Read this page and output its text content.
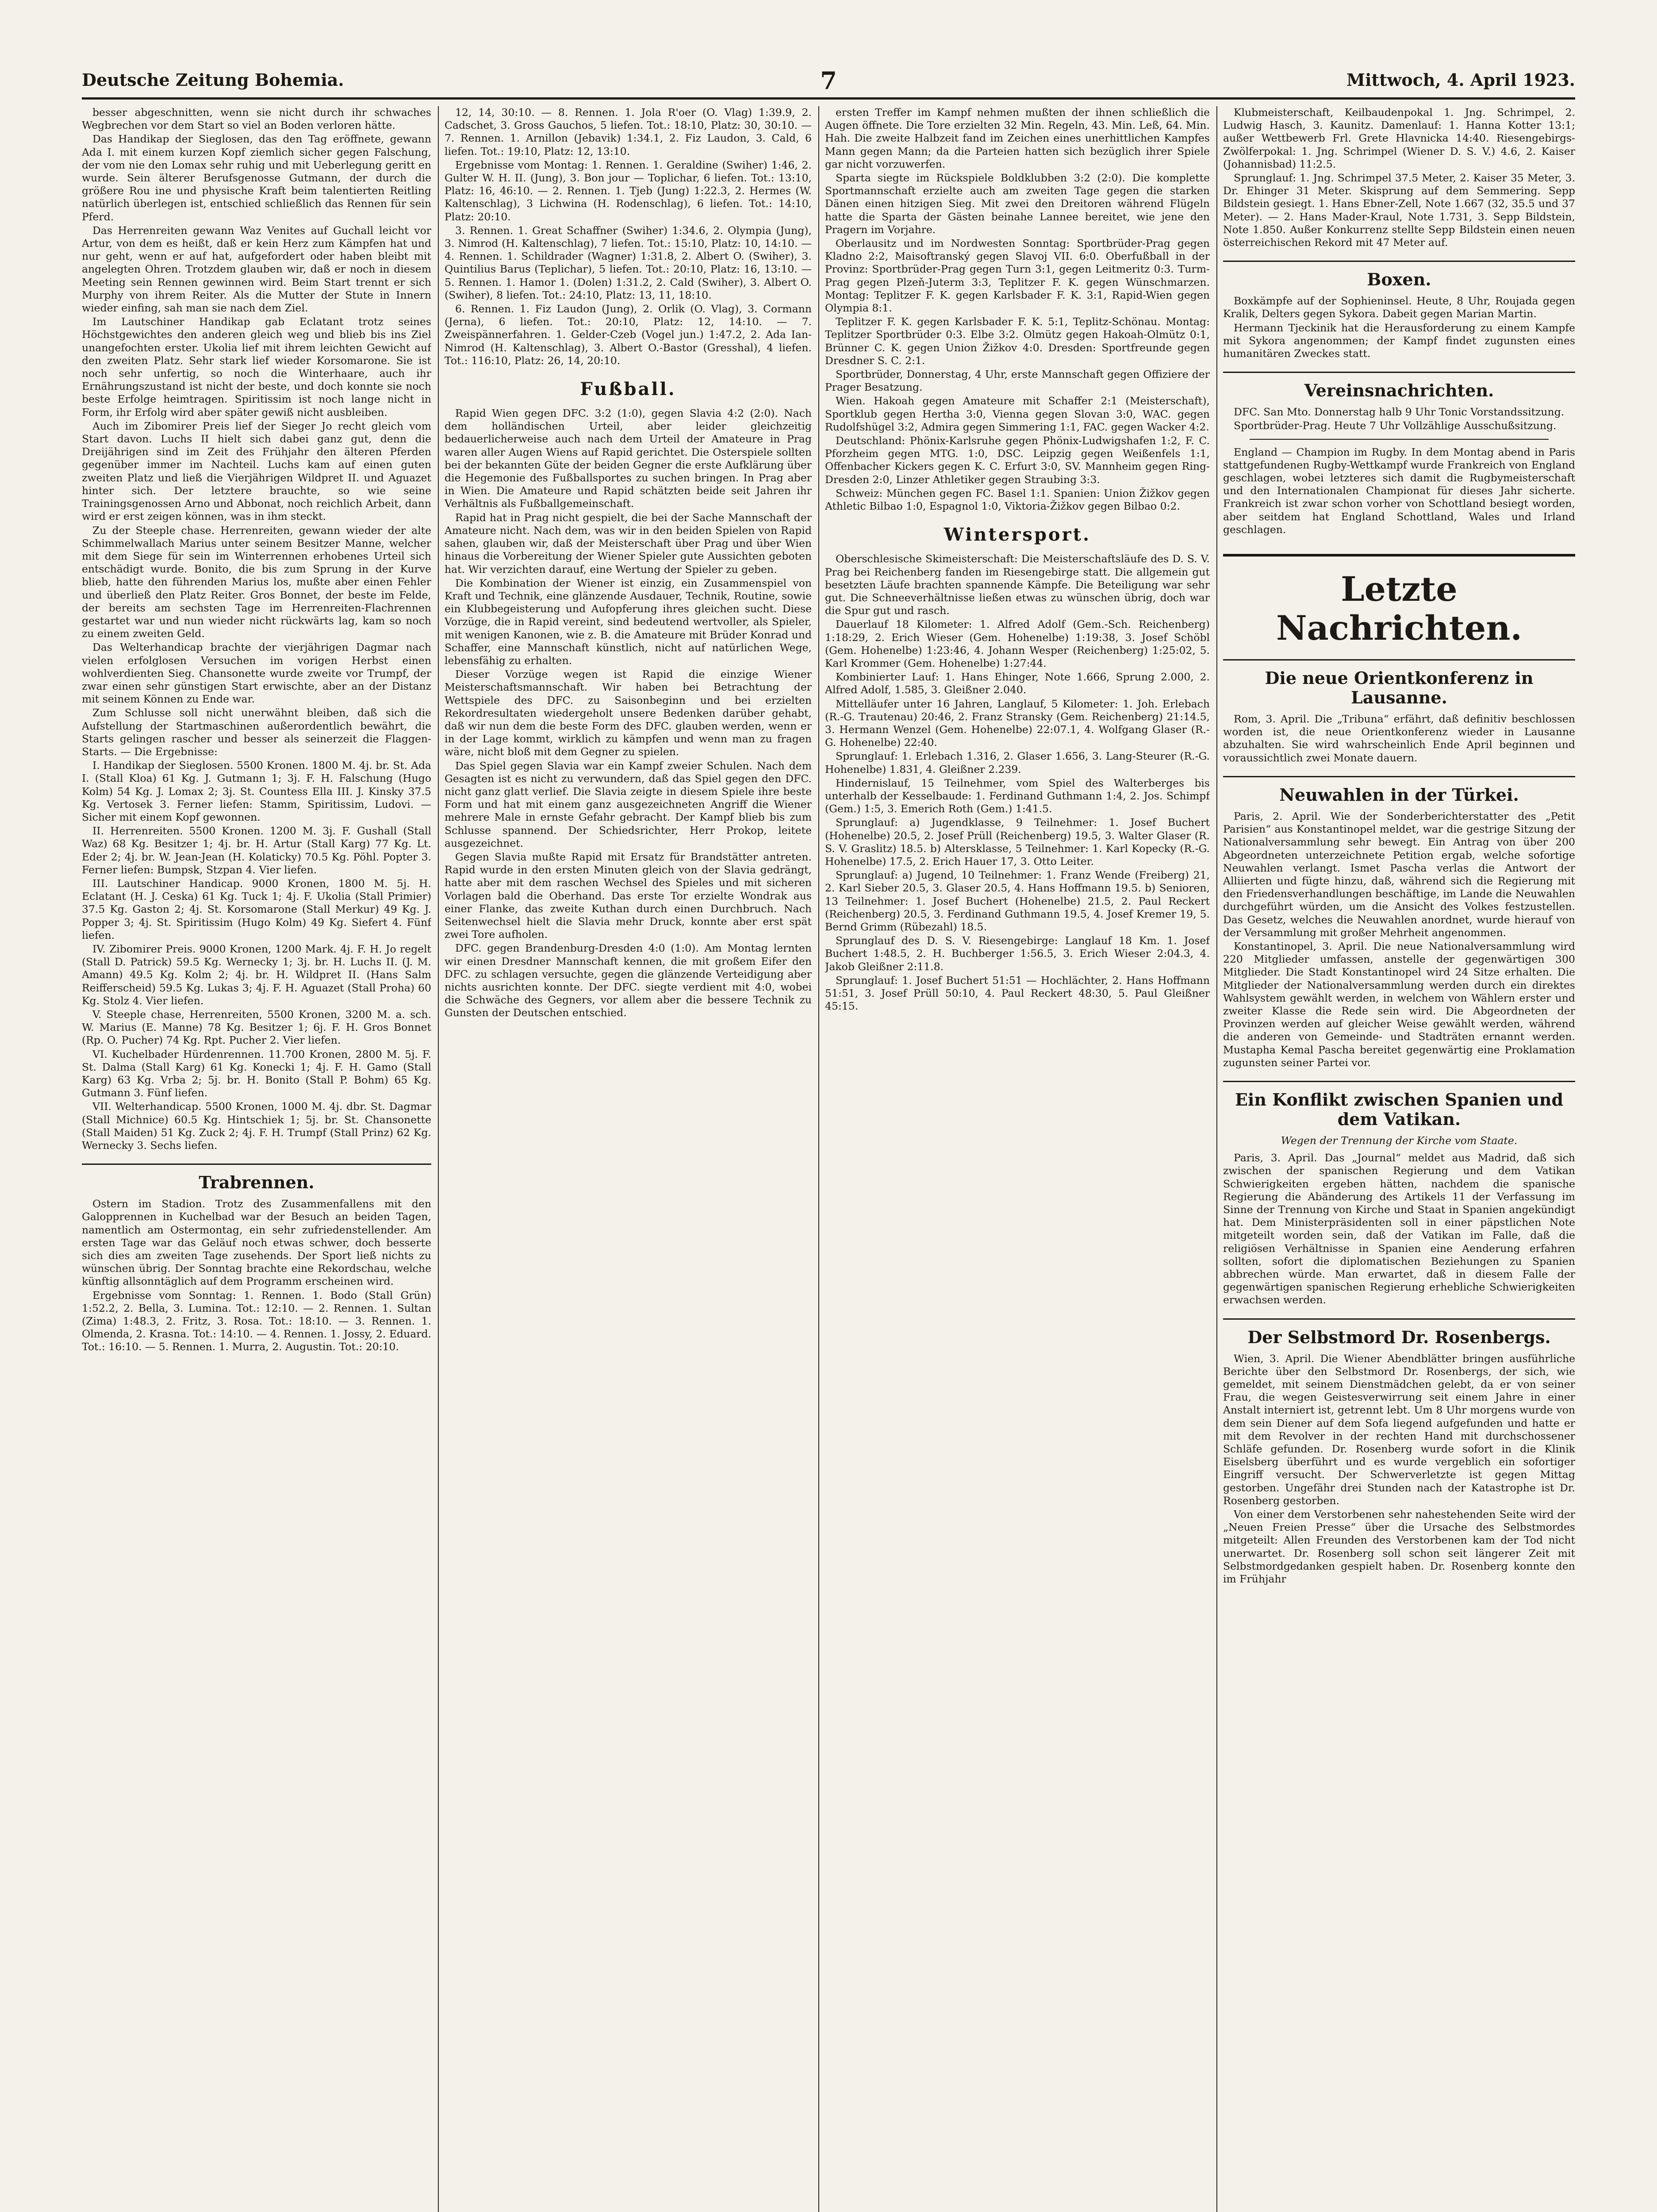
Deutsche Zeitung Bohemia.	7	Mittwoch, 4. April 1923.

besser abgeschnitten, wenn sie nicht durch ihr schwaches Wegbrechen vor dem Start so viel an Boden verloren hätte.

Das Handikap der Sieglosen, das den Tag eröffnete, gewann Ada I. mit einem kurzen Kopf ziemlich sicher gegen Falschung, der vom nie den Lomax sehr ruhig und mit Ueberlegung geritt en wurde. Sein älterer Berufsgenosse Gutmann, der durch die größere Rou ine und physische Kraft beim talentierten Reitling natürlich überlegen ist, entschied schließlich das Rennen für sein Pferd.

Das Herrenreiten gewann Waz Venites auf Guchall leicht vor Artur, von dem es heißt, daß er kein Herz zum Kämpfen hat und nur geht, wenn er auf hat, aufgefordert oder haben bleibt mit angelegten Ohren. Trotzdem glauben wir, daß er noch in diesem Meeting sein Rennen gewinnen wird. Beim Start trennt er sich Murphy von ihrem Reiter. Als die Mutter der Stute in Innern wieder einfing, sah man sie nach dem Ziel.

Im Lautschiner Handikap gab Eclatant trotz seines Höchstgewichtes den anderen gleich weg und blieb bis ins Ziel unangefochten erster. Ukolia lief mit ihrem leichten Gewicht auf den zweiten Platz. Sehr stark lief wieder Korsomarone. Sie ist noch sehr unfertig, so noch die Winterhaare, auch ihr Ernährungszustand ist nicht der beste, und doch konnte sie noch beste Erfolge heimtragen. Spiritissim ist noch lange nicht in Form, ihr Erfolg wird aber später gewiß nicht ausbleiben.

Auch im Zibomirer Preis lief der Sieger Jo recht gleich vom Start davon. Luchs II hielt sich dabei ganz gut, denn die Dreijährigen sind im Zeit des Frühjahr den älteren Pferden gegenüber immer im Nachteil. Luchs kam auf einen guten zweiten Platz und ließ die Vierjährigen Wildpret II. und Aguazet hinter sich. Der letztere brauchte, so wie seine Trainingsgenossen Arno und Abbonat, noch reichlich Arbeit, dann wird er erst zeigen können, was in ihm steckt.

Zu der Steeple chase. Herrenreiten, gewann wieder der alte Schimmelwallach Marius unter seinem Besitzer Manne, welcher mit dem Siege für sein im Winterrennen erhobenes Urteil sich entschädigt wurde. Bonito, die bis zum Sprung in der Kurve blieb, hatte den führenden Marius los, mußte aber einen Fehler und überließ den Platz Reiter. Gros Bonnet, der beste im Felde, der bereits am sechsten Tage im Herrenreiten-Flachrennen gestartet war und nun wieder nicht rückwärts lag, kam so noch zu einem zweiten Geld.

Das Welterhandicap brachte der vierjährigen Dagmar nach vielen erfolglosen Versuchen im vorigen Herbst einen wohlverdienten Sieg. Chansonette wurde zweite vor Trumpf, der zwar einen sehr günstigen Start erwischte, aber an der Distanz mit seinem Können zu Ende war.

Zum Schlusse soll nicht unerwähnt bleiben, daß sich die Aufstellung der Startmaschinen außerordentlich bewährt, die Starts gelingen rascher und besser als seinerzeit die Flaggen-Starts. — Die Ergebnisse:

I. Handikap der Sieglosen. 5500 Kronen. 1800 M. 4j. br. St. Ada I. (Stall Kloa) 61 Kg. J. Gutmann 1; 3j. F. H. Falschung (Hugo Kolm) 54 Kg. J. Lomax 2; 3j. St. Countess Ella III. J. Kinsky 37.5 Kg. Vertosek 3. Ferner liefen: Stamm, Spiritissim, Ludovi. — Sicher mit einem Kopf gewonnen.

II. Herrenreiten. 5500 Kronen. 1200 M. 3j. F. Gushall (Stall Waz) 68 Kg. Besitzer 1; 4j. br. H. Artur (Stall Karg) 77 Kg. Lt. Eder 2; 4j. br. W. Jean-Jean (H. Kolaticky) 70.5 Kg. Pöhl. Popter 3. Ferner liefen: Bumpsk, Stzpan 4. Vier liefen.

III. Lautschiner Handicap. 9000 Kronen, 1800 M. 5j. H. Eclatant (H. J. Ceska) 61 Kg. Tuck 1; 4j. F. Ukolia (Stall Primier) 37.5 Kg. Gaston 2; 4j. St. Korsomarone (Stall Merkur) 49 Kg. J. Popper 3; 4j. St. Spiritissim (Hugo Kolm) 49 Kg. Siefert 4. Fünf liefen.

IV. Zibomirer Preis. 9000 Kronen, 1200 Mark. 4j. F. H. Jo regelt (Stall D. Patrick) 59.5 Kg. Wernecky 1; 3j. br. H. Luchs II. (J. M. Amann) 49.5 Kg. Kolm 2; 4j. br. H. Wildpret II. (Hans Salm Reifferscheid) 59.5 Kg. Lukas 3; 4j. F. H. Aguazet (Stall Proha) 60 Kg. Stolz 4. Vier liefen.

V. Steeple chase, Herrenreiten, 5500 Kronen, 3200 M. a. sch. W. Marius (E. Manne) 78 Kg. Besitzer 1; 6j. F. H. Gros Bonnet (Rp. O. Pucher) 74 Kg. Rpt. Pucher 2. Vier liefen.

VI. Kuchelbader Hürdenrennen. 11.700 Kronen, 2800 M. 5j. F. St. Dalma (Stall Karg) 61 Kg. Konecki 1; 4j. F. H. Gamo (Stall Karg) 63 Kg. Vrba 2; 5j. br. H. Bonito (Stall P. Bohm) 65 Kg. Gutmann 3. Fünf liefen.

VII. Welterhandicap. 5500 Kronen, 1000 M. 4j. dbr. St. Dagmar (Stall Michnice) 60.5 Kg. Hintschiek 1; 5j. br. St. Chansonette (Stall Maiden) 51 Kg. Zuck 2; 4j. F. H. Trumpf (Stall Prinz) 62 Kg. Wernecky 3. Sechs liefen.

Trabrennen.

Ostern im Stadion. Trotz des Zusammenfallens mit den Galopprennen in Kuchelbad war der Besuch an beiden Tagen, namentlich am Ostermontag, ein sehr zufriedenstellender. Am ersten Tage war das Geläuf noch etwas schwer, doch besserte sich dies am zweiten Tage zusehends. Der Sport ließ nichts zu wünschen übrig. Der Sonntag brachte eine Rekordschau, welche künftig allsonntäglich auf dem Programm erscheinen wird.

Ergebnisse vom Sonntag: 1. Rennen. 1. Bodo (Stall Grün) 1:52.2, 2. Bella, 3. Lumina. Tot.: 12:10. — 2. Rennen. 1. Sultan (Zima) 1:48.3, 2. Fritz, 3. Rosa. Tot.: 18:10. — 3. Rennen. 1. Olmenda, 2. Krasna. Tot.: 14:10. — 4. Rennen. 1. Jossy, 2. Eduard. Tot.: 16:10. — 5. Rennen. 1. Murra, 2. Augustin. Tot.: 20:10.

12, 14, 30:10. — 8. Rennen. 1. Jola R'oer (O. Vlag) 1:39.9, 2. Cadschet, 3. Gross Gauchos, 5 liefen. Tot.: 18:10, Platz: 30, 30:10. — 7. Rennen. 1. Arnillon (Jebavik) 1:34.1, 2. Fiz Laudon, 3. Cald, 6 liefen. Tot.: 19:10, Platz: 12, 13:10.

Ergebnisse vom Montag: 1. Rennen. 1. Geraldine (Swiher) 1:46, 2. Gulter W. H. II. (Jung), 3. Bon jour — Toplichar, 6 liefen. Tot.: 13:10, Platz: 16, 46:10. — 2. Rennen. 1. Tjeb (Jung) 1:22.3, 2. Hermes (W. Kaltenschlag), 3 Lichwina (H. Rodenschlag), 6 liefen. Tot.: 14:10, Platz: 20:10.

3. Rennen. 1. Great Schaffner (Swiher) 1:34.6, 2. Olympia (Jung), 3. Nimrod (H. Kaltenschlag), 7 liefen. Tot.: 15:10, Platz: 10, 14:10. — 4. Rennen. 1. Schildrader (Wagner) 1:31.8, 2. Albert O. (Swiher), 3. Quintilius Barus (Teplichar), 5 liefen. Tot.: 20:10, Platz: 16, 13:10. — 5. Rennen. 1. Hamor 1. (Dolen) 1:31.2, 2. Cald (Swiher), 3. Albert O. (Swiher), 8 liefen. Tot.: 24:10, Platz: 13, 11, 18:10.

6. Rennen. 1. Fiz Laudon (Jung), 2. Orlik (O. Vlag), 3. Cormann (Jerna), 6 liefen. Tot.: 20:10, Platz: 12, 14:10. — 7. Zweispännerfahren. 1. Gelder-Czeb (Vogel jun.) 1:47.2, 2. Ada Ian-Nimrod (H. Kaltenschlag), 3. Albert O.-Bastor (Gresshal), 4 liefen. Tot.: 116:10, Platz: 26, 14, 20:10.

Fußball.

Rapid Wien gegen DFC. 3:2 (1:0), gegen Slavia 4:2 (2:0). Nach dem holländischen Urteil, aber leider gleichzeitig bedauerlicherweise auch nach dem Urteil der Amateure in Prag waren aller Augen Wiens auf Rapid gerichtet. Die Osterspiele sollten bei der bekannten Güte der beiden Gegner die erste Aufklärung über die Hegemonie des Fußballsportes zu suchen bringen. In Prag aber in Wien. Die Amateure und Rapid schätzten beide seit Jahren ihr Verhältnis als Fußballgemeinschaft.

Rapid hat in Prag nicht gespielt, die bei der Sache Mannschaft der Amateure nicht. Nach dem, was wir in den beiden Spielen von Rapid sahen, glauben wir, daß der Meisterschaft über Prag und über Wien hinaus die Vorbereitung der Wiener Spieler gute Aussichten geboten hat. Wir verzichten darauf, eine Wertung der Spieler zu geben.

Die Kombination der Wiener ist einzig, ein Zusammenspiel von Kraft und Technik, eine glänzende Ausdauer, Technik, Routine, sowie ein Klubbegeisterung und Aufopferung ihres gleichen sucht. Diese Vorzüge, die in Rapid vereint, sind bedeutend wertvoller, als Spieler, mit wenigen Kanonen, wie z. B. die Amateure mit Brüder Konrad und Schaffer, eine Mannschaft künstlich, nicht auf natürlichen Wege, lebensfähig zu erhalten.

Dieser Vorzüge wegen ist Rapid die einzige Wiener Meisterschaftsmannschaft. Wir haben bei Betrachtung der Wettspiele des DFC. zu Saisonbeginn und bei erzielten Rekordresultaten wiedergeholt unsere Bedenken darüber gehabt, daß wir nun dem die beste Form des DFC. glauben werden, wenn er in der Lage kommt, wirklich zu kämpfen und wenn man zu fragen wäre, nicht bloß mit dem Gegner zu spielen.

Das Spiel gegen Slavia war ein Kampf zweier Schulen. Nach dem Gesagten ist es nicht zu verwundern, daß das Spiel gegen den DFC. nicht ganz glatt verlief. Die Slavia zeigte in diesem Spiele ihre beste Form und hat mit einem ganz ausgezeichneten Angriff die Wiener mehrere Male in ernste Gefahr gebracht. Der Kampf blieb bis zum Schlusse spannend. Der Schiedsrichter, Herr Prokop, leitete ausgezeichnet.

Gegen Slavia mußte Rapid mit Ersatz für Brandstätter antreten. Rapid wurde in den ersten Minuten gleich von der Slavia gedrängt, hatte aber mit dem raschen Wechsel des Spieles und mit sicheren Vorlagen bald die Oberhand. Das erste Tor erzielte Wondrak aus einer Flanke, das zweite Kuthan durch einen Durchbruch. Nach Seitenwechsel hielt die Slavia mehr Druck, konnte aber erst spät zwei Tore aufholen.

DFC. gegen Brandenburg-Dresden 4:0 (1:0). Am Montag lernten wir einen Dresdner Mannschaft kennen, die mit großem Eifer den DFC. zu schlagen versuchte, gegen die glänzende Verteidigung aber nichts ausrichten konnte. Der DFC. siegte verdient mit 4:0, wobei die Schwäche des Gegners, vor allem aber die bessere Technik zu Gunsten der Deutschen entschied.

ersten Treffer im Kampf nehmen mußten der ihnen schließlich die Augen öffnete. Die Tore erzielten 32 Min. Regeln, 43. Min. Leß, 64. Min. Hah. Die zweite Halbzeit fand im Zeichen eines unerhittlichen Kampfes Mann gegen Mann; da die Parteien hatten sich bezüglich ihrer Spiele gar nicht vorzuwerfen.

Sparta siegte im Rückspiele Boldklubben 3:2 (2:0). Die komplette Sportmannschaft erzielte auch am zweiten Tage gegen die starken Dänen einen hitzigen Sieg. Mit zwei den Dreitoren während Flügeln hatte die Sparta der Gästen beinahe Lannee bereitet, wie jene den Pragern im Vorjahre.

Oberlausitz und im Nordwesten Sonntag: Sportbrüder-Prag gegen Kladno 2:2, Maisoftranský gegen Slavoj VII. 6:0. Oberfußball in der Provinz: Sportbrüder-Prag gegen Turn 3:1, gegen Leitmeritz 0:3. Turm-Prag gegen Plzeň-Juterm 3:3, Teplitzer F. K. gegen Wünschmarzen. Montag: Teplitzer F. K. gegen Karlsbader F. K. 3:1, Rapid-Wien gegen Olympia 8:1.

Teplitzer F. K. gegen Karlsbader F. K. 5:1, Teplitz-Schönau. Montag: Teplitzer Sportbrüder 0:3. Elbe 3:2. Olmütz gegen Hakoah-Olmütz 0:1, Brünner C. K. gegen Union Žižkov 4:0. Dresden: Sportfreunde gegen Dresdner S. C. 2:1.

Sportbrüder, Donnerstag, 4 Uhr, erste Mannschaft gegen Offiziere der Prager Besatzung.

Wien. Hakoah gegen Amateure mit Schaffer 2:1 (Meisterschaft), Sportklub gegen Hertha 3:0, Vienna gegen Slovan 3:0, WAC. gegen Rudolfshügel 3:2, Admira gegen Simmering 1:1, FAC. gegen Wacker 4:2.

Deutschland: Phönix-Karlsruhe gegen Phönix-Ludwigshafen 1:2, F. C. Pforzheim gegen MTG. 1:0, DSC. Leipzig gegen Weißenfels 1:1, Offenbacher Kickers gegen K. C. Erfurt 3:0, SV. Mannheim gegen Ring-Dresden 2:0, Linzer Athletiker gegen Straubing 3:3.

Schweiz: München gegen FC. Basel 1:1. Spanien: Union Žižkov gegen Athletic Bilbao 1:0, Espagnol 1:0, Viktoria-Žižkov gegen Bilbao 0:2.

Wintersport.

Oberschlesische Skimeisterschaft: Die Meisterschaftsläufe des D. S. V. Prag bei Reichenberg fanden im Riesengebirge statt. Die allgemein gut besetzten Läufe brachten spannende Kämpfe. Die Beteiligung war sehr gut. Die Schneeverhältnisse ließen etwas zu wünschen übrig, doch war die Spur gut und rasch.

Dauerlauf 18 Kilometer: 1. Alfred Adolf (Gem.-Sch. Reichenberg) 1:18:29, 2. Erich Wieser (Gem. Hohenelbe) 1:19:38, 3. Josef Schöbl (Gem. Hohenelbe) 1:23:46, 4. Johann Wesper (Reichenberg) 1:25:02, 5. Karl Krommer (Gem. Hohenelbe) 1:27:44.

Kombinierter Lauf: 1. Hans Ehinger, Note 1.666, Sprung 2.000, 2. Alfred Adolf, 1.585, 3. Gleißner 2.040.

Mittelläufer unter 16 Jahren, Langlauf, 5 Kilometer: 1. Joh. Erlebach (R.-G. Trautenau) 20:46, 2. Franz Stransky (Gem. Reichenberg) 21:14.5, 3. Hermann Wenzel (Gem. Hohenelbe) 22:07.1, 4. Wolfgang Glaser (R.-G. Hohenelbe) 22:40.

Sprunglauf: 1. Erlebach 1.316, 2. Glaser 1.656, 3. Lang-Steurer (R.-G. Hohenelbe) 1.831, 4. Gleißner 2.239.

Hindernislauf, 15 Teilnehmer, vom Spiel des Walterberges bis unterhalb der Kesselbaude: 1. Ferdinand Guthmann 1:4, 2. Jos. Schimpf (Gem.) 1:5, 3. Emerich Roth (Gem.) 1:41.5.

Sprunglauf: a) Jugendklasse, 9 Teilnehmer: 1. Josef Buchert (Hohenelbe) 20.5, 2. Josef Prüll (Reichenberg) 19.5, 3. Walter Glaser (R. S. V. Graslitz) 18.5. b) Altersklasse, 5 Teilnehmer: 1. Karl Kopecky (R.-G. Hohenelbe) 17.5, 2. Erich Hauer 17, 3. Otto Leiter.

Sprunglauf: a) Jugend, 10 Teilnehmer: 1. Franz Wende (Freiberg) 21, 2. Karl Sieber 20.5, 3. Glaser 20.5, 4. Hans Hoffmann 19.5. b) Senioren, 13 Teilnehmer: 1. Josef Buchert (Hohenelbe) 21.5, 2. Paul Reckert (Reichenberg) 20.5, 3. Ferdinand Guthmann 19.5, 4. Josef Kremer 19, 5. Bernd Grimm (Rübezahl) 18.5.

Sprunglauf des D. S. V. Riesengebirge: Langlauf 18 Km. 1. Josef Buchert 1:48.5, 2. H. Buchberger 1:56.5, 3. Erich Wieser 2:04.3, 4. Jakob Gleißner 2:11.8.

Sprunglauf: 1. Josef Buchert 51:51 — Hochlächter, 2. Hans Hoffmann 51:51, 3. Josef Prüll 50:10, 4. Paul Reckert 48:30, 5. Paul Gleißner 45:15.

Klubmeisterschaft, Keilbaudenpokal 1. Jng. Schrimpel, 2. Ludwig Hasch, 3. Kaunitz. Damenlauf: 1. Hanna Kotter 13:1; außer Wettbewerb Frl. Grete Hlavnicka 14:40. Riesengebirgs-Zwölferpokal: 1. Jng. Schrimpel (Wiener D. S. V.) 4.6, 2. Kaiser (Johannisbad) 11:2.5.

Sprunglauf: 1. Jng. Schrimpel 37.5 Meter, 2. Kaiser 35 Meter, 3. Dr. Ehinger 31 Meter. Skisprung auf dem Semmering. Sepp Bildstein gesiegt. 1. Hans Ebner-Zell, Note 1.667 (32, 35.5 und 37 Meter). — 2. Hans Mader-Kraul, Note 1.731, 3. Sepp Bildstein, Note 1.850. Außer Konkurrenz stellte Sepp Bildstein einen neuen österreichischen Rekord mit 47 Meter auf.

Boxen.

Boxkämpfe auf der Sophieninsel. Heute, 8 Uhr, Roujada gegen Kralik, Delters gegen Sykora. Dabeit gegen Marian Martin.

Hermann Tjeckinik hat die Herausforderung zu einem Kampfe mit Sykora angenommen; der Kampf findet zugunsten eines humanitären Zweckes statt.

Vereinsnachrichten.

DFC. San Mto. Donnerstag halb 9 Uhr Tonic Vorstandssitzung.

Sportbrüder-Prag. Heute 7 Uhr Vollzählige Ausschußsitzung.

England — Champion im Rugby. In dem Montag abend in Paris stattgefundenen Rugby-Wettkampf wurde Frankreich von England geschlagen, wobei letzteres sich damit die Rugbymeisterschaft und den Internationalen Championat für dieses Jahr sicherte. Frankreich ist zwar schon vorher von Schottland besiegt worden, aber seitdem hat England Schottland, Wales und Irland geschlagen.

Letzte Nachrichten.
Die neue Orientkonferenz in Lausanne.

Rom, 3. April. Die „Tribuna“ erfährt, daß definitiv beschlossen worden ist, die neue Orientkonferenz wieder in Lausanne abzuhalten. Sie wird wahrscheinlich Ende April beginnen und voraussichtlich zwei Monate dauern.

Neuwahlen in der Türkei.

Paris, 2. April. Wie der Sonderberichterstatter des „Petit Parisien“ aus Konstantinopel meldet, war die gestrige Sitzung der Nationalversammlung sehr bewegt. Ein Antrag von über 200 Abgeordneten unterzeichnete Petition ergab, welche sofortige Neuwahlen verlangt. Ismet Pascha verlas die Antwort der Alliierten und fügte hinzu, daß, während sich die Regierung mit den Friedensverhandlungen beschäftige, im Lande die Neuwahlen durchgeführt würden, um die Ansicht des Volkes festzustellen. Das Gesetz, welches die Neuwahlen anordnet, wurde hierauf von der Versammlung mit großer Mehrheit angenommen.

Konstantinopel, 3. April. Die neue Nationalversammlung wird 220 Mitglieder umfassen, anstelle der gegenwärtigen 300 Mitglieder. Die Stadt Konstantinopel wird 24 Sitze erhalten. Die Mitglieder der Nationalversammlung werden durch ein direktes Wahlsystem gewählt werden, in welchem von Wählern erster und zweiter Klasse die Rede sein wird. Die Abgeordneten der Provinzen werden auf gleicher Weise gewählt werden, während die anderen von Gemeinde- und Stadträten ernannt werden. Mustapha Kemal Pascha bereitet gegenwärtig eine Proklamation zugunsten seiner Partei vor.

Ein Konflikt zwischen Spanien und dem Vatikan.
Wegen der Trennung der Kirche vom Staate.

Paris, 3. April. Das „Journal“ meldet aus Madrid, daß sich zwischen der spanischen Regierung und dem Vatikan Schwierigkeiten ergeben hätten, nachdem die spanische Regierung die Abänderung des Artikels 11 der Verfassung im Sinne der Trennung von Kirche und Staat in Spanien angekündigt hat. Dem Ministerpräsidenten soll in einer päpstlichen Note mitgeteilt worden sein, daß der Vatikan im Falle, daß die religiösen Verhältnisse in Spanien eine Aenderung erfahren sollten, sofort die diplomatischen Beziehungen zu Spanien abbrechen würde. Man erwartet, daß in diesem Falle der gegenwärtigen spanischen Regierung erhebliche Schwierigkeiten erwachsen werden.

Der Selbstmord Dr. Rosenbergs.

Wien, 3. April. Die Wiener Abendblätter bringen ausführliche Berichte über den Selbstmord Dr. Rosenbergs, der sich, wie gemeldet, mit seinem Dienstmädchen gelebt, da er von seiner Frau, die wegen Geistesverwirrung seit einem Jahre in einer Anstalt interniert ist, getrennt lebt. Um 8 Uhr morgens wurde von dem sein Diener auf dem Sofa liegend aufgefunden und hatte er mit dem Revolver in der rechten Hand mit durchschossener Schläfe gefunden. Dr. Rosenberg wurde sofort in die Klinik Eiselsberg überführt und es wurde vergeblich ein sofortiger Eingriff versucht. Der Schwerverletzte ist gegen Mittag gestorben. Ungefähr drei Stunden nach der Katastrophe ist Dr. Rosenberg gestorben.

Von einer dem Verstorbenen sehr nahestehenden Seite wird der „Neuen Freien Presse“ über die Ursache des Selbstmordes mitgeteilt: Allen Freunden des Verstorbenen kam der Tod nicht unerwartet. Dr. Rosenberg soll schon seit längerer Zeit mit Selbstmordgedanken gespielt haben. Dr. Rosenberg konnte den im Frühjahr
